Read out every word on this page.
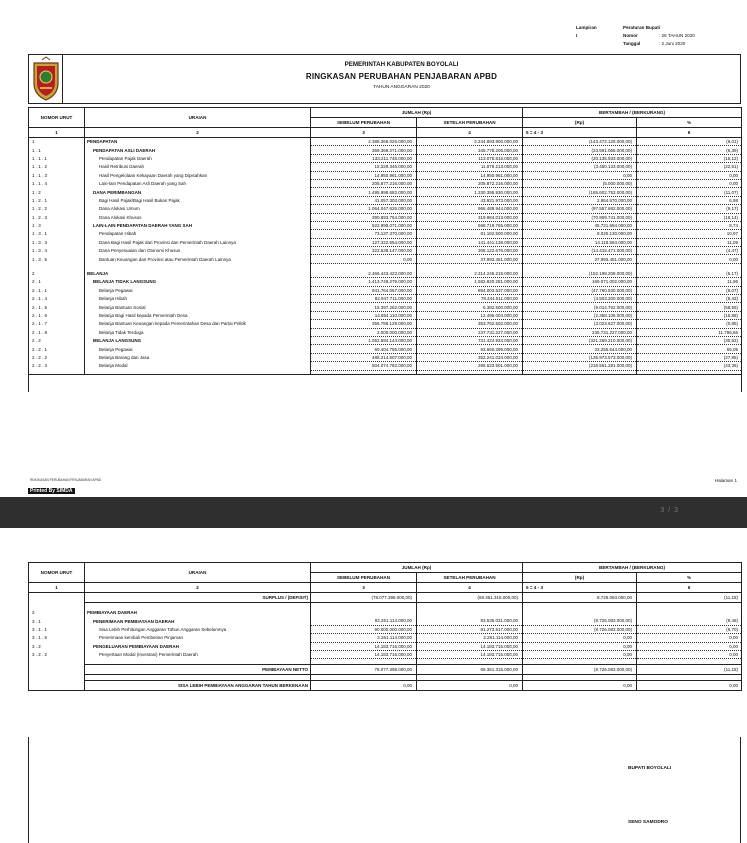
Lampiran I
Peraturan Bupati
Nomor	: 26 TAHUN 2020
Tanggal	: 2 Juni 2020
PEMERINTAH KABUPATEN BOYOLALI
RINGKASAN PERUBAHAN PENJABARAN APBD
TAHUN ANGGARAN 2020
NOMOR URUT	URAIAN	JUMLAH (Rp)		BERTAMBAH / (BERKURANG)	
		SEBELUM PERUBAHAN	SETELAH PERUBAHAN	(Rp)	%
1	2	3	4	5 = 4 - 3	6
1	PENDAPATAN	2.388.366.025.000,00	2.244.893.900.000,00	(143.472.125.000,00)	(6,01)
1 . 1	PENDAPATAN ASLI DAERAH	369.369.271.000,00	345.778.205.000,00	(23.591.066.000,00)	(6,39)
1 . 1 . 1	Pendapatan Pajak Daerah	133.211.748.000,00	113.075.815.000,00	(20.135.933.000,00)	(15,12)
1 . 1 . 2	Hasil Retribusi Daerah	15.329.346.000,00	11.879.213.000,00	(3.450.133.000,00)	(22,51)
1 . 1 . 3	Hasil Pengelolaan Kekayaan Daerah yang Dipisahkan	14.950.961.000,00	14.950.961.000,00	0,00	0,00
1 . 1 . 4	Lain-lain Pendapatan Asli Daerah yang Sah	205.877.216.000,00	205.872.216.000,00	(5.000.000,00)	0,00
1 . 2	DANA PERIMBANGAN	1.495.998.683.000,00	1.330.395.930.000,00	(165.602.753.000,00)	(11,07)
1 . 2 . 1	Bagi Hasil Pajak/Bagi Hasil Bukan Pajak	41.057.303.000,00	43.921.973.000,00	2.864.670.000,00	6,98
1 . 2 . 2	Dana Alokasi Umum	1.064.047.626.000,00	966.489.944.000,00	(97.557.682.000,00)	(9,17)
1 . 2 . 3	Dana Alokasi Khusus	390.893.754.000,00	319.984.013.000,00	(70.909.741.000,00)	(18,14)
1 . 3	LAIN-LAIN PENDAPATAN DAERAH YANG SAH	522.998.071.000,00	568.719.765.000,00	45.721.694.000,00	8,74
1 . 3 . 1	Pendapatan Hibah	73.137.370.000,00	81.162.500.000,00	8.025.130.000,00	10,97
1 . 3 . 3	Dana Bagi Hasil Pajak dari Provinsi dan Pemerintah Daerah Lainnya	127.322.554.000,00	141.441.138.000,00	14.118.584.000,00	11,09
1 . 3 . 4	Dana Penyesuaian dan Otonomi Khusus	322.538.147.000,00	308.122.676.000,00	(14.415.471.000,00)	(4,47)
1 . 3 . 5	Bantuan Keuangan dari Provinsi atau Pemerintah Daerah Lainnya	0,00	37.993.451.000,00	37.993.451.000,00	0,00

2	BELANJA	2.466.443.423.000,00	2.314.245.215.000,00	(152.198.208.000,00)	(6,17)
2 . 1	BELANJA TIDAK LANGSUNG	1.413.749.279.000,00	1.582.820.281.000,00	169.071.002.000,00	11,96
2 . 1 . 1	Belanja Pegawai	941.764.067.000,00	894.003.537.000,00	(47.760.530.000,00)	(5,07)
2 . 1 . 4	Belanja Hibah	82.947.711.000,00	78.444.511.000,00	(4.503.200.000,00)	(5,43)
2 . 1 . 5	Belanja Bantuan Sosial	15.397.262.000,00	6.382.500.000,00	(9.014.762.000,00)	(58,55)
2 . 1 . 6	Belanja Bagi Hasil kepada Pemerintah Desa	14.854.110.000,00	12.496.004.000,00	(2.358.106.000,00)	(15,88)
2 . 1 . 7	Belanja Bantuan Keuangan kepada Pemerintahan Desa dan Partai Politik	356.786.129.000,00	353.762.502.000,00	(3.023.627.000,00)	(0,85)
2 . 1 . 8	Belanja Tidak Terduga	2.000.000.000,00	237.731.227.000,00	235.731.227.000,00	11.786,56
2 . 2	BELANJA LANGSUNG	1.052.694.144.000,00	731.424.934.000,00	(321.269.210.000,00)	(30,52)
2 . 2 . 1	Belanja Pegawai	60.404.755.000,00	93.660.399.000,00	33.255.644.000,00	55,05
2 . 2 . 2	Belanja Barang dan Jasa	488.214.607.000,00	352.241.034.000,00	(135.973.573.000,00)	(27,85)
2 . 2 . 3	Belanja Modal	504.074.782.000,00	285.523.501.000,00	(218.551.281.000,00)	(43,36)

RINGKASAN PERUBAHAN PENJABARAN APBD	Halaman 1
Printed By SIMDA
3 / 3
NOMOR URUT	URAIAN	JUMLAH (Rp)		BERTAMBAH / (BERKURANG)	
		SEBELUM PERUBAHAN	SETELAH PERUBAHAN	(Rp)	%
1	2	3	4	5 = 4 - 3	6
	SURPLUS / (DEFISIT)	(78.077.398.000,00)	(69.351.315.000,00)	8.726.083.000,00	(11,18)

3	PEMBIAYAAN DAERAH				
3 . 1	PENERIMAAN PEMBIAYAAN DAERAH	92.261.114.000,00	83.535.031.000,00	(8.726.083.000,00)	(9,46)
3 . 1 . 1	Sisa Lebih Perhitungan Anggaran Tahun Anggaran Sebelumnya	90.000.000.000,00	81.273.917.000,00	(8.726.083.000,00)	(9,70)
3 . 1 . 5	Penerimaan kembali Pemberian Pinjaman	2.261.114.000,00	2.261.114.000,00	0,00	0,00
3 . 2	PENGELUARAN PEMBIAYAAN DAERAH	14.183.716.000,00	14.183.716.000,00	0,00	0,00
3 . 2 . 2	Penyertaan Modal (Investasi) Pemerintah Daerah	14.183.716.000,00	14.183.716.000,00	0,00	0,00

	PEMBIAYAAN NETTO	78.077.398.000,00	69.351.315.000,00	(8.726.083.000,00)	(11,18)

	SISA LEBIH PEMBIAYAAN ANGGARAN TAHUN BERKENAAN	0,00	0,00	0,00	0,00
BUPATI BOYOLALI
SENO SAMODRO
